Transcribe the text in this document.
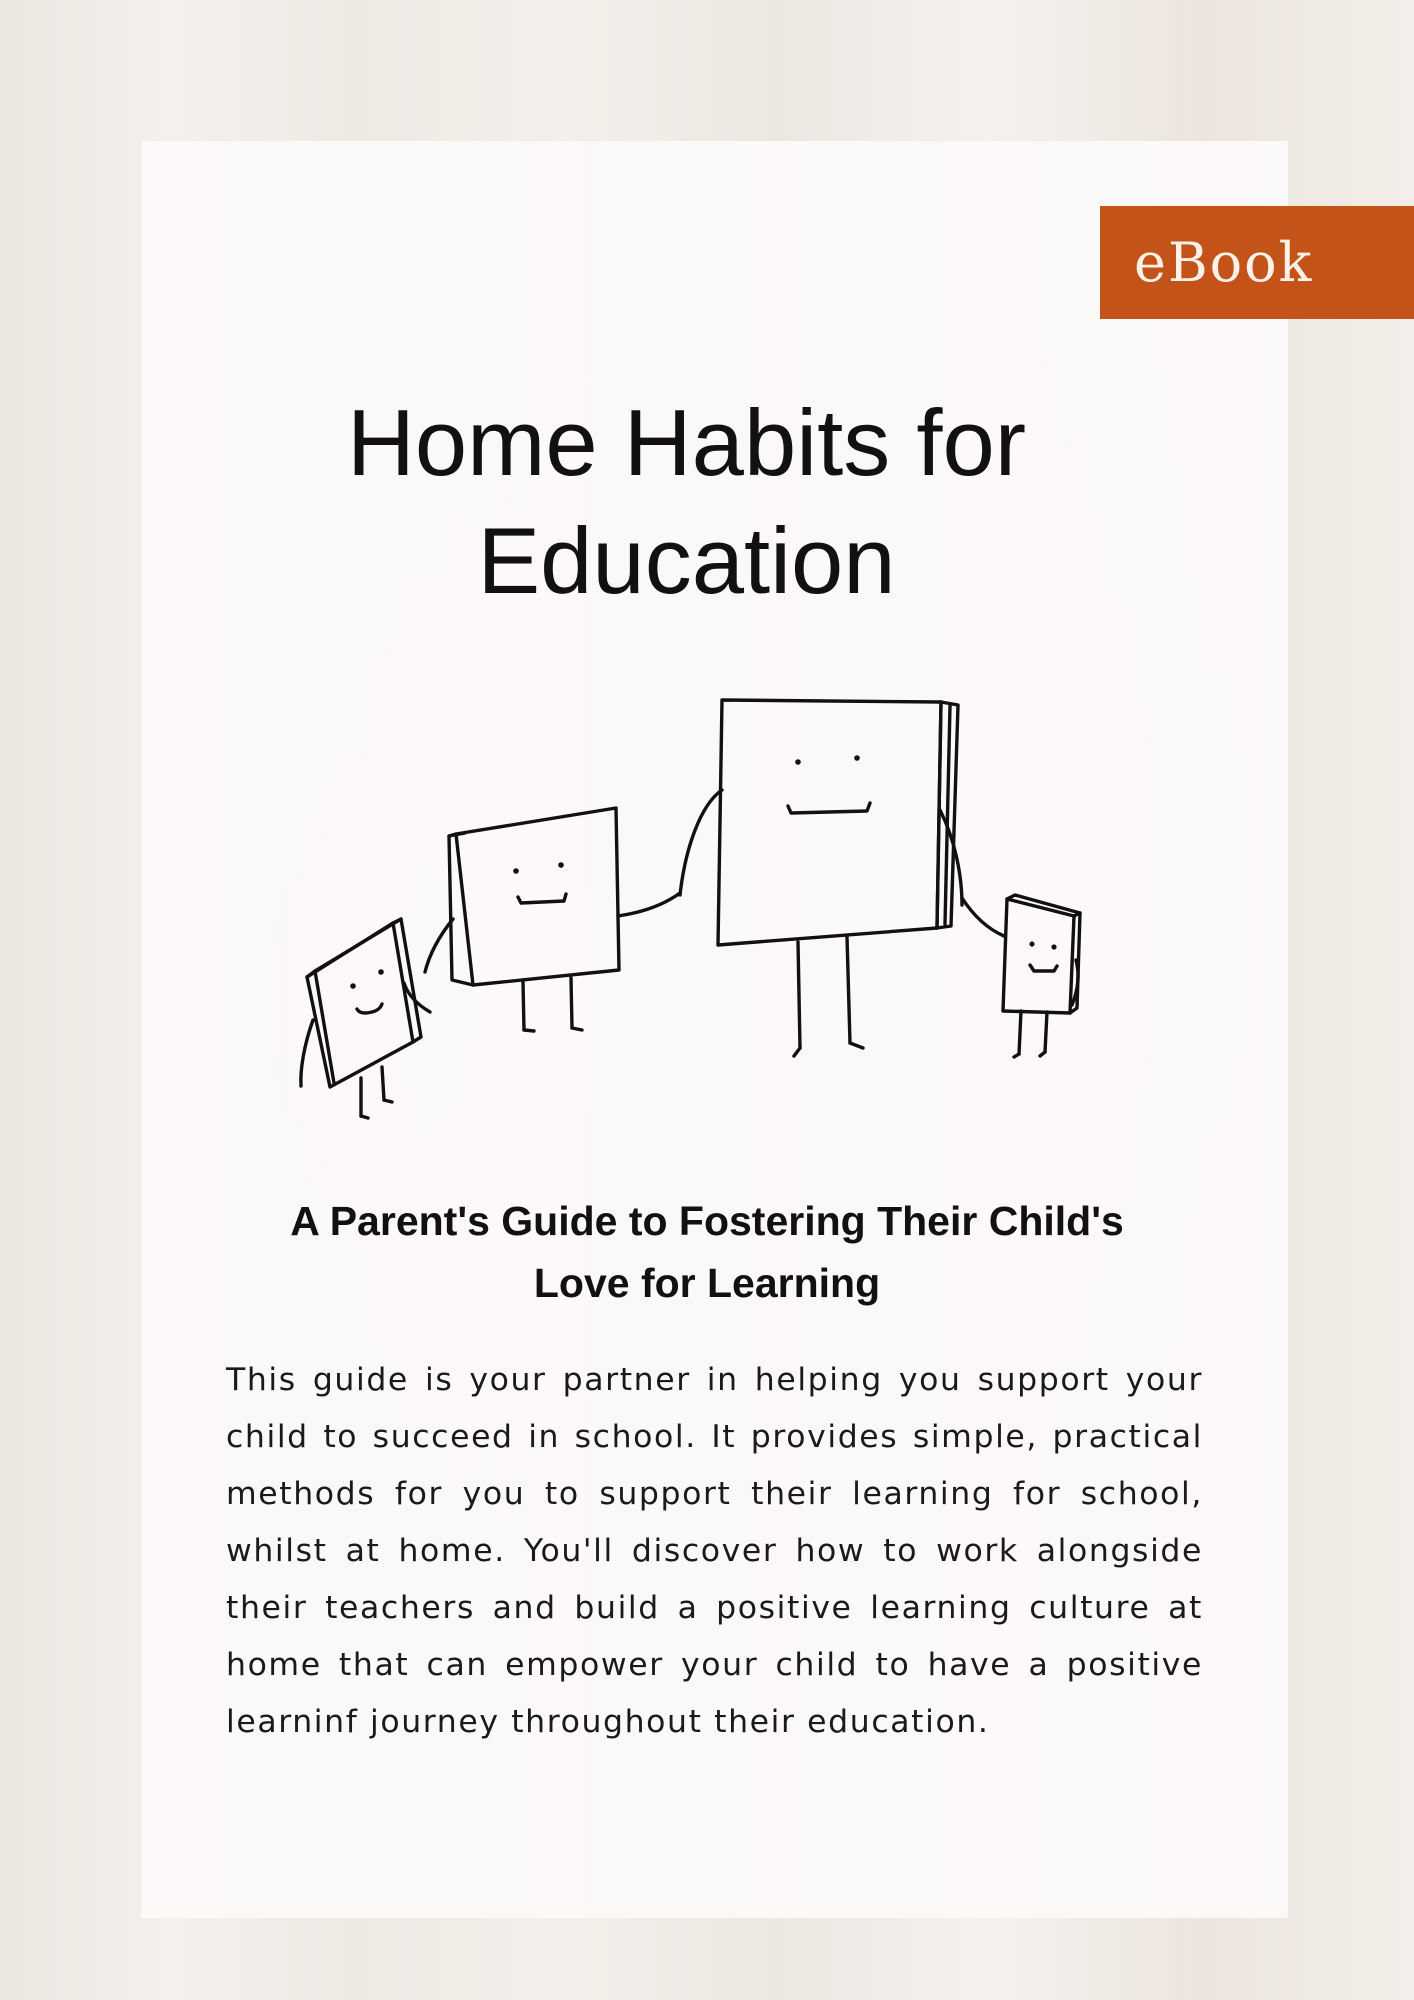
eBook
Home Habits for
Education
A Parent's Guide to Fostering Their Child's
Love for Learning

This guide is your partner in helping you support your child to succeed in school. It provides simple, practical methods for you to support their learning for school, whilst at home. You'll discover how to work alongside their teachers and build a positive learning culture at home that can empower your child to have a positive learninf journey throughout their education.
